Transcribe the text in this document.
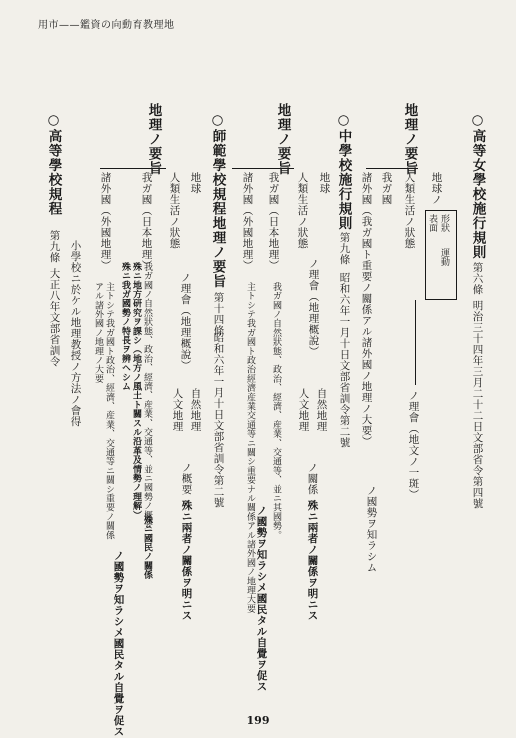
用市——鑑資の向動育教理地
○高等女學校施行規則
第六條
明治三十四年三月二十二日文部省令第四號
地理ノ要旨
地球ノ
形狀
運動
表面
人類生活ノ狀態
ノ理會（地文ノ一斑）
我ガ國
諸外國（我ガ國ト重要ノ關係アル諸外國ノ地理ノ大要）
ノ國勢ヲ知ラシム
○中學校施行規則
第九條
昭和六年一月十日文部省訓令第二號
地理ノ要旨
地球
人類生活ノ狀態
ノ理會（地理概說）
自然地理
人文地理
ノ關係
殊ニ兩者ノ關係ヲ明ニス
我ガ國（日本地理）
我ガ國ノ自然狀態、政治、經濟、産業、交通等、並ニ其國勢。
諸外國（外國地理）
主トシテ我ガ國ト政治經濟産業交通等ニ關シ重要ナル關係アル諸外國ノ地理大要 ノ國勢ヲ知ラシメ國民タル自覺ヲ促ス
○師範學校規程地理ノ要旨
第十四條
昭和六年一月十日文部省訓令第二號
地理ノ要旨
地球
人類生活ノ狀態
ノ理會（地理概說）
自然地理
人文地理
ノ概要
殊ニ兩者ノ關係ヲ明ニス
我ガ國（日本地理）
我ガ國ノ自然狀態、政治、經濟、産業、交通等、並ニ國勢ノ概要
殊ニ地方研究ヲ課シ（地方ノ風土ト關スル沿革及情勢ノ理解）
殊ニ我ガ國勢ノ特長ヲ辨ヘシム
殊ニ國民ノ關係
諸外國（外國地理）
主トシテ我ガ國ト政治、經濟、産業、交通等ニ關シ重要ノ關係
アル諸外國ノ地理ノ大要
ノ國勢ヲ知ラシメ國民タル自覺ヲ促ス
○高等學校規程
第九條
大正八年文部省訓令 小學校ニ於ケル地理教授ノ方法ノ會得
199
